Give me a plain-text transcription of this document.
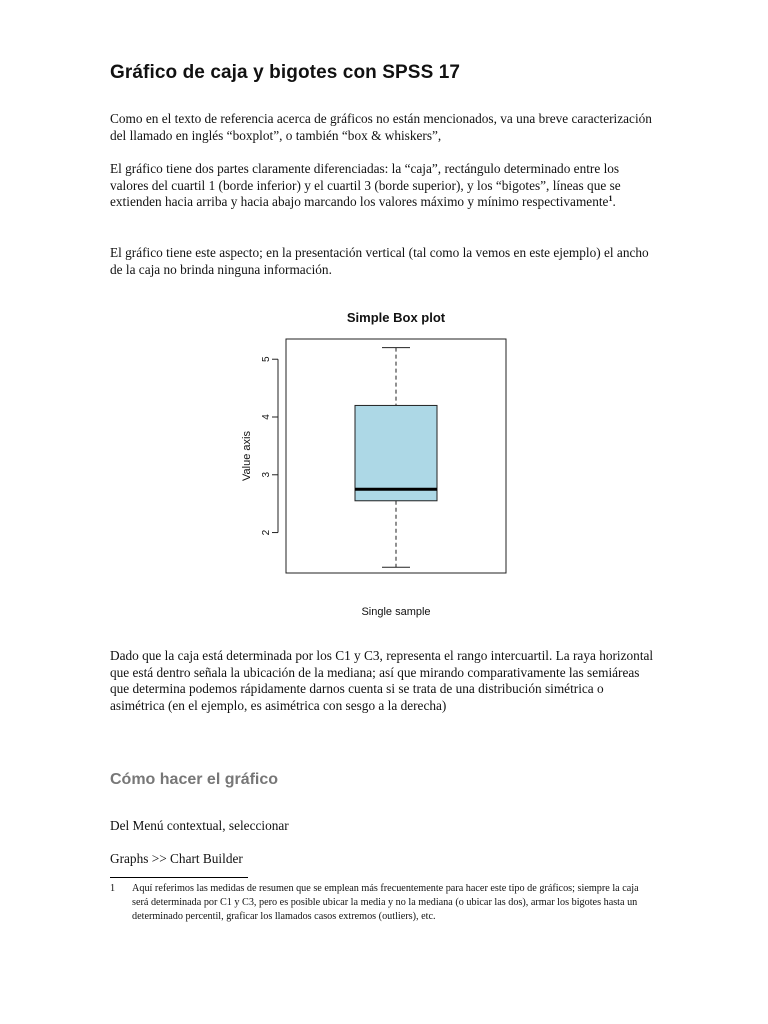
Gráfico de caja y bigotes con SPSS 17
Como en el texto de referencia acerca de gráficos no están mencionados, va una breve caracterización del llamado en inglés “boxplot”, o también “box & whiskers”,
El gráfico tiene dos partes claramente diferenciadas: la “caja”, rectángulo determinado entre los valores del cuartil 1 (borde inferior) y el cuartil 3 (borde superior), y los “bigotes”, líneas que se extienden hacia arriba y hacia abajo marcando los valores máximo y mínimo respectivamente$^1$.
El gráfico tiene este aspecto; en la presentación vertical (tal como la vemos en este ejemplo) el ancho de la caja no brinda ninguna información.
Simple Box plot
2
3
4
5
Value axis
Single sample
Dado que la caja está determinada por los C1 y C3, representa el rango intercuartil. La raya horizontal que está dentro señala la ubicación de la mediana; así que mirando comparativamente las semiáreas que determina podemos rápidamente darnos cuenta si se trata de una distribución simétrica o asimétrica (en el ejemplo, es asimétrica con sesgo a la derecha)
Cómo hacer el gráfico
Del Menú contextual, seleccionar
Graphs >> Chart Builder
1 Aquí referimos las medidas de resumen que se emplean más frecuentemente para hacer este tipo de gráficos; siempre la caja será determinada por C1 y C3, pero es posible ubicar la media y no la mediana (o ubicar las dos), armar los bigotes hasta un determinado percentil, graficar los llamados casos extremos (outliers), etc.
